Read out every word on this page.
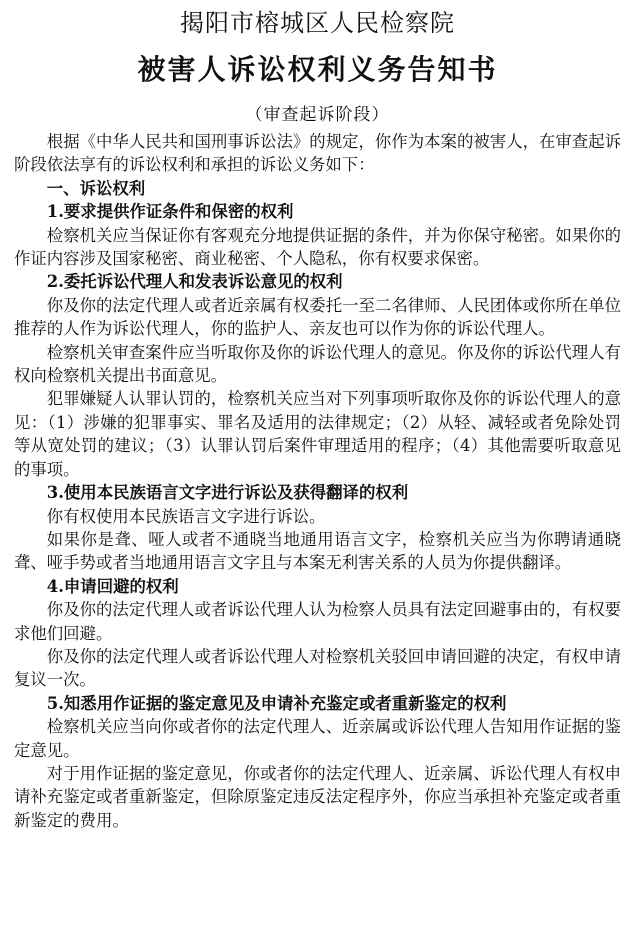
揭阳市榕城区人民检察院
被害人诉讼权利义务告知书
（审查起诉阶段）

根据《中华人民共和国刑事诉讼法》的规定，你作为本案的被害人，在审查起诉阶段依法享有的诉讼权利和承担的诉讼义务如下：

一、诉讼权利

1.要求提供作证条件和保密的权利

检察机关应当保证你有客观充分地提供证据的条件，并为你保守秘密。如果你的作证内容涉及国家秘密、商业秘密、个人隐私，你有权要求保密。

2.委托诉讼代理人和发表诉讼意见的权利

你及你的法定代理人或者近亲属有权委托一至二名律师、人民团体或你所在单位推荐的人作为诉讼代理人，你的监护人、亲友也可以作为你的诉讼代理人。

检察机关审查案件应当听取你及你的诉讼代理人的意见。你及你的诉讼代理人有权向检察机关提出书面意见。

犯罪嫌疑人认罪认罚的，检察机关应当对下列事项听取你及你的诉讼代理人的意见：（1）涉嫌的犯罪事实、罪名及适用的法律规定；（2）从轻、减轻或者免除处罚等从宽处罚的建议；（3）认罪认罚后案件审理适用的程序；（4）其他需要听取意见的事项。

3.使用本民族语言文字进行诉讼及获得翻译的权利

你有权使用本民族语言文字进行诉讼。

如果你是聋、哑人或者不通晓当地通用语言文字，检察机关应当为你聘请通晓聋、哑手势或者当地通用语言文字且与本案无利害关系的人员为你提供翻译。

4.申请回避的权利

你及你的法定代理人或者诉讼代理人认为检察人员具有法定回避事由的，有权要求他们回避。

你及你的法定代理人或者诉讼代理人对检察机关驳回申请回避的决定，有权申请复议一次。

5.知悉用作证据的鉴定意见及申请补充鉴定或者重新鉴定的权利

检察机关应当向你或者你的法定代理人、近亲属或诉讼代理人告知用作证据的鉴定意见。

对于用作证据的鉴定意见，你或者你的法定代理人、近亲属、诉讼代理人有权申请补充鉴定或者重新鉴定，但除原鉴定违反法定程序外，你应当承担补充鉴定或者重新鉴定的费用。
